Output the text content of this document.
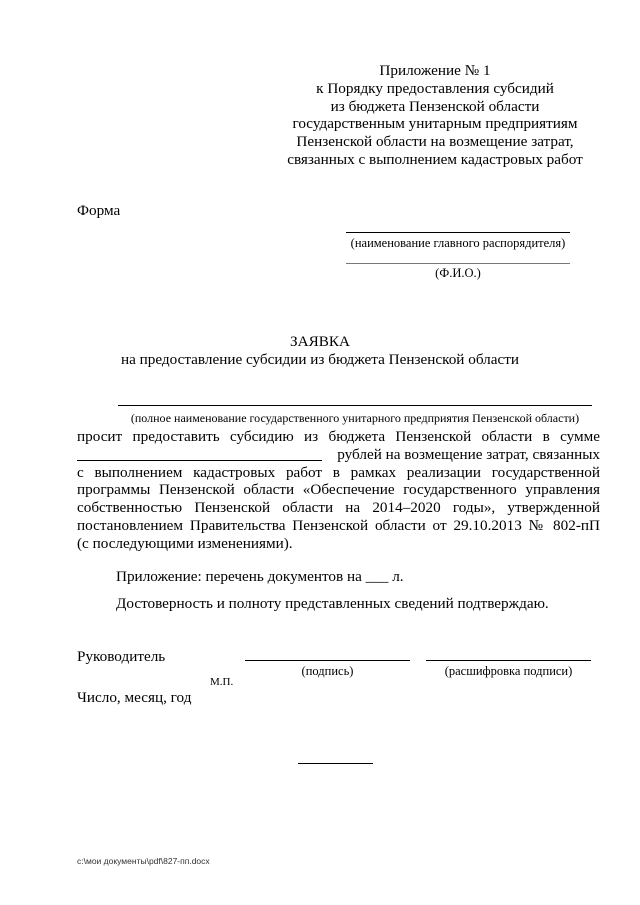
Приложение № 1
к Порядку предоставления субсидий
из бюджета Пензенской области
государственным унитарным предприятиям
Пензенской области на возмещение затрат,
связанных с выполнением кадастровых работ
Форма
(наименование главного распорядителя)
(Ф.И.О.)
ЗАЯВКА
на предоставление субсидии из бюджета Пензенской области
(полное наименование государственного унитарного предприятия Пензенской области)
просит предоставить субсидию из бюджета Пензенской области в сумме
рублей на возмещение затрат, связанных
с выполнением кадастровых работ в рамках реализации государственной
программы Пензенской области «Обеспечение государственного управления
собственностью Пензенской области на 2014–2020 годы», утвержденной
постановлением Правительства Пензенской области от 29.10.2013 № 802-пП
(с последующими изменениями).
Приложение: перечень документов на ___ л.
Достоверность и полноту представленных сведений подтверждаю.
Руководитель
(подпись)	(расшифровка подписи)
М.П.
Число, месяц, год
c:\мои документы\pdf\827-пп.docx
